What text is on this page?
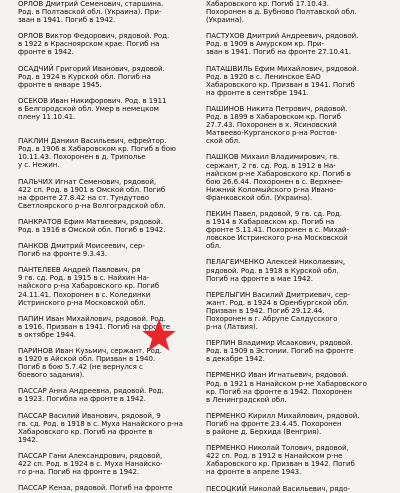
ОРЛОВ Дмитрий Семенович, старшина.
Род. в Полтавской обл. (Украина). При-
зван в 1941. Погиб в 1942.
ОРЛОВ Виктор Федорович, рядовой. Род.
в 1922 в Красноярском крае. Погиб на
фронте в 1942.
ОСАДЧИЙ Григорий Иванович, рядовой.
Род. в 1924 в Курской обл. Погиб на
фронте в январе 1945.
ОСЕКОВ Иван Никифорович. Род. в 1911
в Белгородской обл. Умер в немецком
плену 11.10.41.
ПАКЛИН Даниил Васильевич, ефрейтор.
Род. в 1906 в Хабаровском кр. Погиб в бою
10.11.43. Похоронен в д. Триполье
у с. Нежин.
ПАЛЬЧИХ Игнат Семенович, рядовой,
422 сп. Род. в 1901 в Омской обл. Погиб
на фронте 27.8.42 на ст. Тундутово
Светлоярского р-на Волгоградской обл.
ПАНКРАТОВ Ефим Матвеевич, рядовой.
Род. в 1916 в Омской обл. Погиб в 1942.
ПАНКОВ Дмитрий Моисеевич, сер-
Погиб на фронте 9.3.43.
ПАНТЕЛЕЕВ Андрей Павлович, ря
9 гв. сд. Род. в 1915 в с. Найхин На-
найского р-на Хабаровского кр. Погиб
24.11.41. Похоронен в с. Колединки
Истринского р-на Московской обл.
ПАПИН Иван Михайлович, рядовой. Род.
в 1916. Призван в 1941. Погиб на фронте
в октябре 1944.
ПАРИНОВ Иван Кузьмич, сержант. Род.
в 1920 в Айской обл. Призван в 1940.
Погиб в бою 5.7.42 (не вернулся с
боевого задания).
ПАССАР Анна Андреевна, рядовой. Род.
в 1923. Погибла на фронте в 1942.
ПАССАР Василий Иванович, рядовой, 9
гв. сд. Род. в 1918 в с. Муха Нанайского р-на
Хабаровского кр. Погиб на фронте в
1942.
ПАССАР Гани Александрович, рядовой,
422 сп. Род. в 1924 в с. Муха Нанайско-
го р-на. Погиб на фронте в 1942.
ПАССАР Кенза, рядовой. Погиб на фронте
Хабаровского кр. Погиб 17.10.43.
Похоронен в д. Бубново Полтавской обл.
(Украина).
ПАСТУХОВ Дмитрий Андреевич, рядовой.
Род. в 1909 в Амурском кр. При-
зван в 1941. Погиб на фронте 27.10.41.
ПАТАШВИЛЬ Ефим Михайлович, рядовой.
Род. в 1920 в с. Ленинское ЕАО
Хабаровского кр. Призван в 1941. Погиб
на фронте в сентябре 1941.
ПАШИНОВ Никита Петрович, рядовой.
Род. в 1899 в Хабаровском кр. Погиб
27.7.43. Похоронен в х. Ясиновский
Матвеево-Курганского р-на Ростов-
ской обл.
ПАШКОВ Михаил Владимирович, гв.
сержант, 2 гв. сд. Род. в 1912 в На-
найском р-не Хабаровского кр. Погиб в
бою 26.6.44. Похоронен в с. Верхнее-
Нижний Коломыйского р-на Ивано-
Франковской обл. (Украина).
ПЕКИН Павел, рядовой, 9 гв. сд. Род.
в 1914 в Хабаровском кр. Погиб на
фронте 5.11.41. Похоронен в с. Михай-
ловское Истринского р-на Московской
обл.
ПЕЛАГЕИЧЕНКО Алексей Николаевич,
рядовой. Род. в 1918 в Курской обл.
Погиб на фронте в мае 1942.
ПЕРЕЛЫГИН Василий Дмитриевич, сер-
жант. Род. в 1924 в Оренбургской обл.
Призван в 1942. Погиб 29.12.44.
Похоронен в г. Абрупе Салдусского
р-на (Латвия).
ПЕРЛИН Владимир Исаакович, рядовой.
Род. в 1909 в Эстонии. Погиб на фронте
в декабре 1942.
ПЕРМЕНКО Иван Игнатьевич, рядовой.
Род. в 1921 в Нанайском р-не Хабаровского
кр. Погиб на фронте в 1942. Похоронен
в Ленинградской обл.
ПЕРМЕНКО Кирилл Михайлович, рядовой.
Погиб на фронте 23.4.45. Похоронен
в районе д. Берхида (Венгрия).
ПЕРМЕНКО Николай Толович, рядовой,
422 сп. Род. в 1912 в Нанайском р-не
Хабаровского кр. Призван в 1942. Погиб
на фронте в апреле 1943.
ПЕСОЦКИЙ Николай Васильевич, рядо-
